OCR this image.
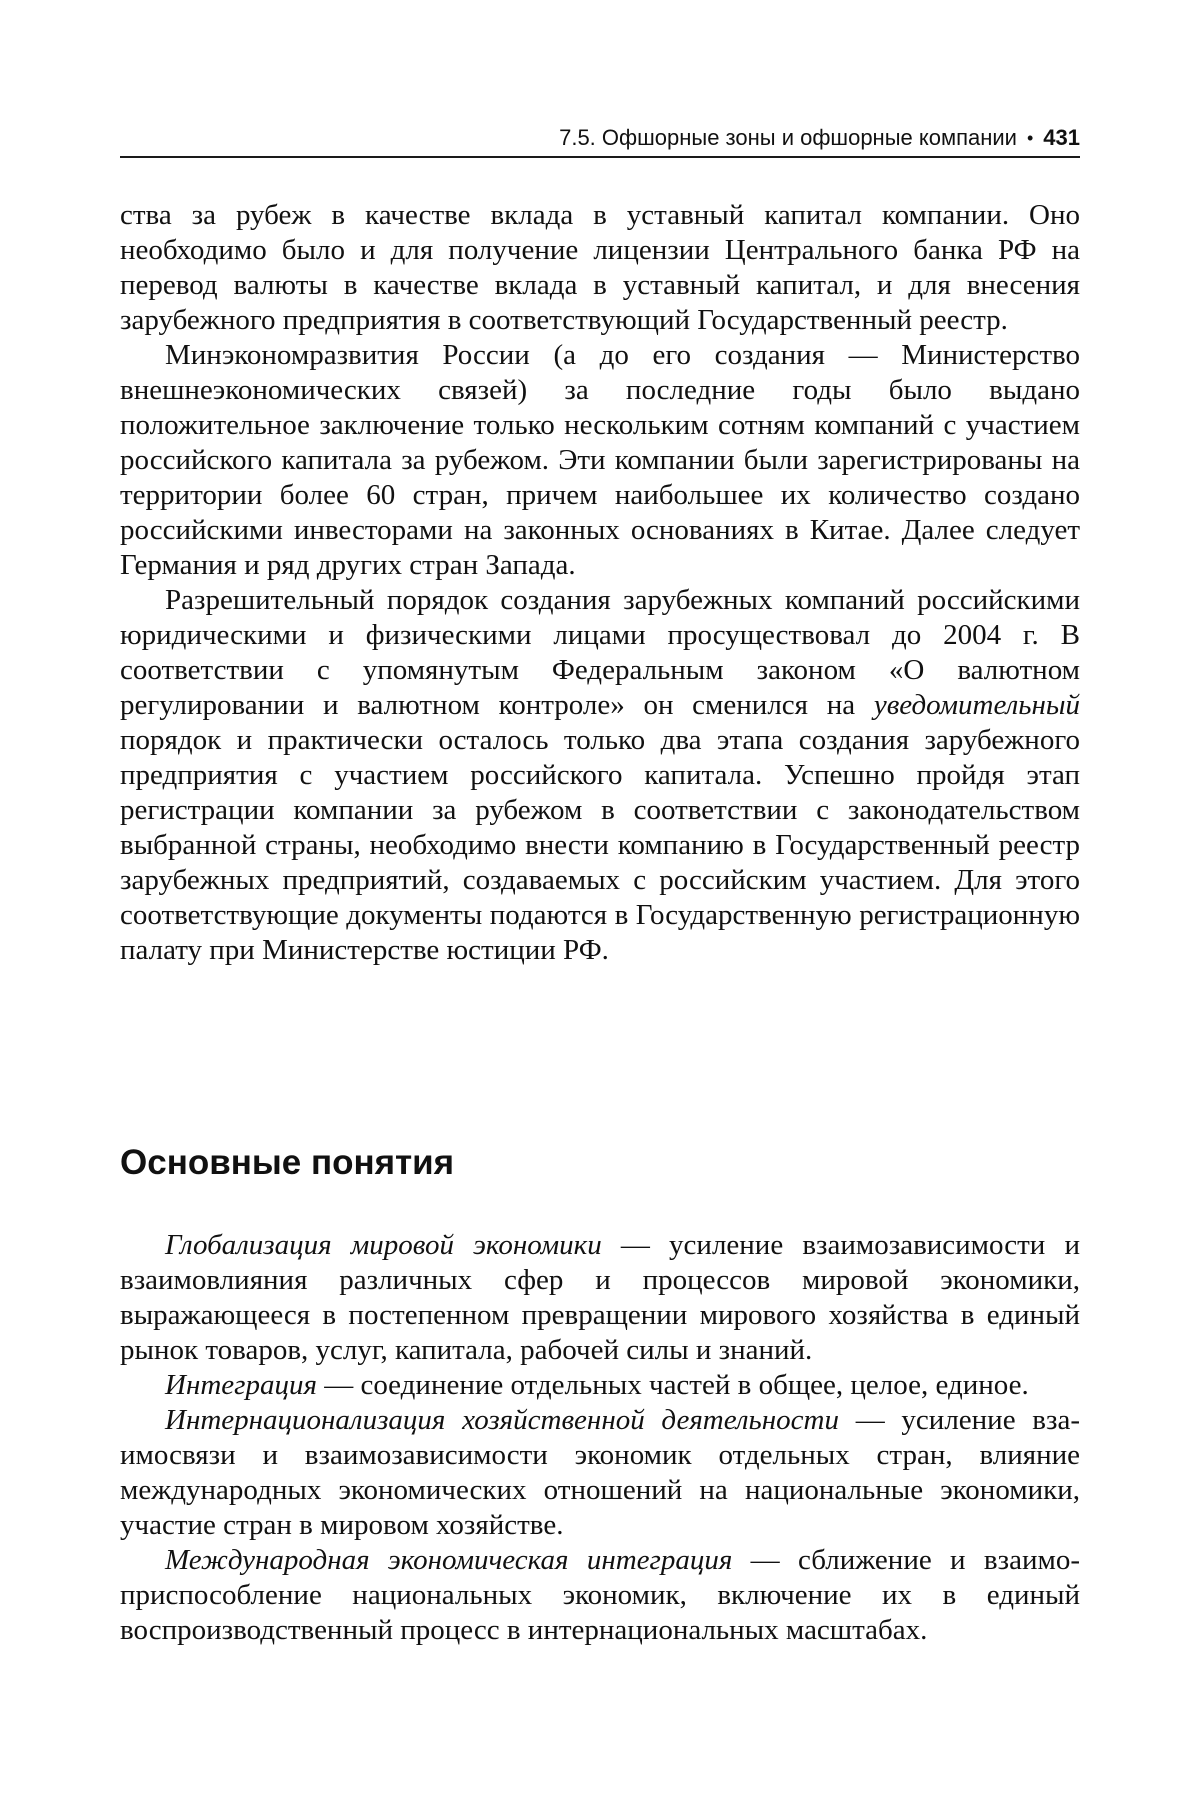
7.5. Офшорные зоны и офшорные компании • 431

ства за рубеж в качестве вклада в уставный капитал компании. Оно необходимо было и для получение лицензии Центрального банка РФ на перевод валюты в качестве вклада в уставный капитал, и для внесения зарубежного предприятия в соответствующий Государственный реестр.

Минэкономразвития России (а до его создания — Министерство внешнеэкономических связей) за последние годы было выдано положительное заключение только нескольким сотням компаний с участием российского капитала за рубежом. Эти компании были зарегистрированы на территории более 60 стран, причем наибольшее их количество создано российскими инвесторами на законных основаниях в Китае. Далее следует Германия и ряд других стран Запада.

Разрешительный порядок создания зарубежных компаний российскими юридическими и физическими лицами просуществовал до 2004 г. В соответствии с упомянутым Федеральным законом «О валютном регулировании и валютном контроле» он сменился на уведомительный порядок и практически осталось только два этапа создания зарубежного предприятия с участием российского капитала. Успешно пройдя этап регистрации компании за рубежом в соответствии с законодательством выбранной страны, необходимо внести компанию в Государственный реестр зарубежных предприятий, создаваемых с российским участием. Для этого соответствующие документы подаются в Государственную регистрационную палату при Министерстве юстиции РФ.

Основные понятия

Глобализация мировой экономики — усиление взаимозависимости и взаимовлияния различных сфер и процессов мировой экономики, выражающееся в постепенном превращении мирового хозяйства в единый рынок товаров, услуг, капитала, рабочей силы и знаний.

Интеграция — соединение отдельных частей в общее, целое, единое.

Интернационализация хозяйственной деятельности — усиление взаимосвязи и взаимозависимости экономик отдельных стран, влияние международных экономических отношений на национальные экономики, участие стран в мировом хозяйстве.

Международная экономическая интеграция — сближение и взаимоприспособление национальных экономик, включение их в единый воспроизводственный процесс в интернациональных масштабах.
